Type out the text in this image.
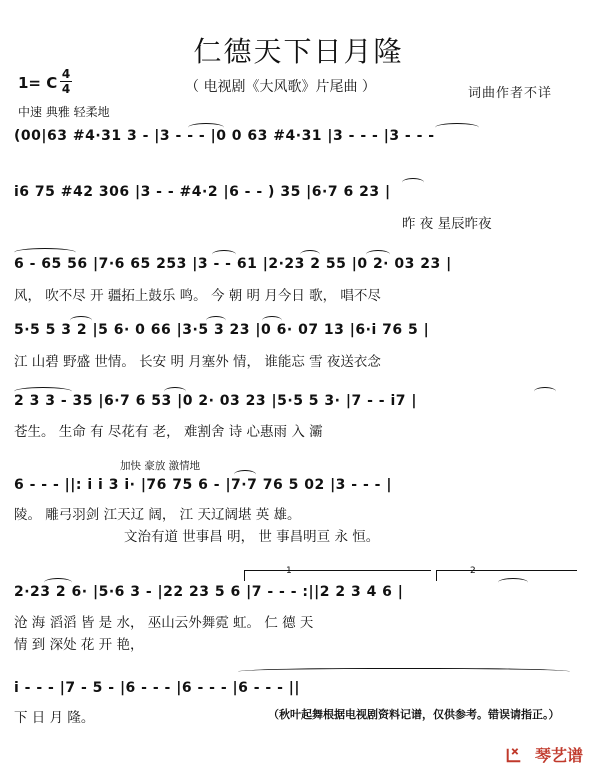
仁德天下日月隆
（ 电视剧《大风歌》片尾曲 ）
1= C 4
4	词曲作者不详
中速 典雅 轻柔地
(00|63 #4·31 3 - |3 - - - |0 0 63 #4·31 |3 - - - |3 - - -
i6 75 #42 306 |3 - - #4·2 |6 - - ) 35 |6·7 6 23 |
昨 夜 星辰昨夜
6 - 65 56 |7·6 65 253 |3 - - 61 |2·23 2 55 |0 2· 03 23 |
风， 吹不尽 开 疆拓上鼓乐 鸣。 今 朝 明 月今日 歌， 唱不尽
5·5 5 3 2 |5 6· 0 66 |3·5 3 23 |0 6· 07 13 |6·i 76 5 |
江 山碧 野盛 世情。 长安 明 月塞外 情， 谁能忘 雪 夜送衣念
2 3 3 - 35 |6·7 6 53 |0 2· 03 23 |5·5 5 3· |7 - - i7 |
苍生。 生命 有 尽花有 老， 难割舍 诗 心惠雨 入 灞
加快 豪放 激情地
6 - - - ||: i i 3 i· |76 75 6 - |7·7 76 5 02 |3 - - - |
陵。 雕弓羽剑 江天辽 阔， 江 天辽阔堪 英 雄。
文治有道 世事昌 明， 世 事昌明亘 永 恒。
1	2
2·23 2 6· |5·6 3 - |22 23 5 6 |7 - - - :||2 2 3 4 6 |
沧 海 滔滔 皆 是 水， 巫山云外舞霓 虹。 仁 德 天
情 到 深处 花 开 艳，
i - - - |7 - 5 - |6 - - - |6 - - - |6 - - - ||
下 日 月 隆。	（秋叶起舞根据电视剧资料记谱，仅供参考。错误请指正。）
琴艺谱
